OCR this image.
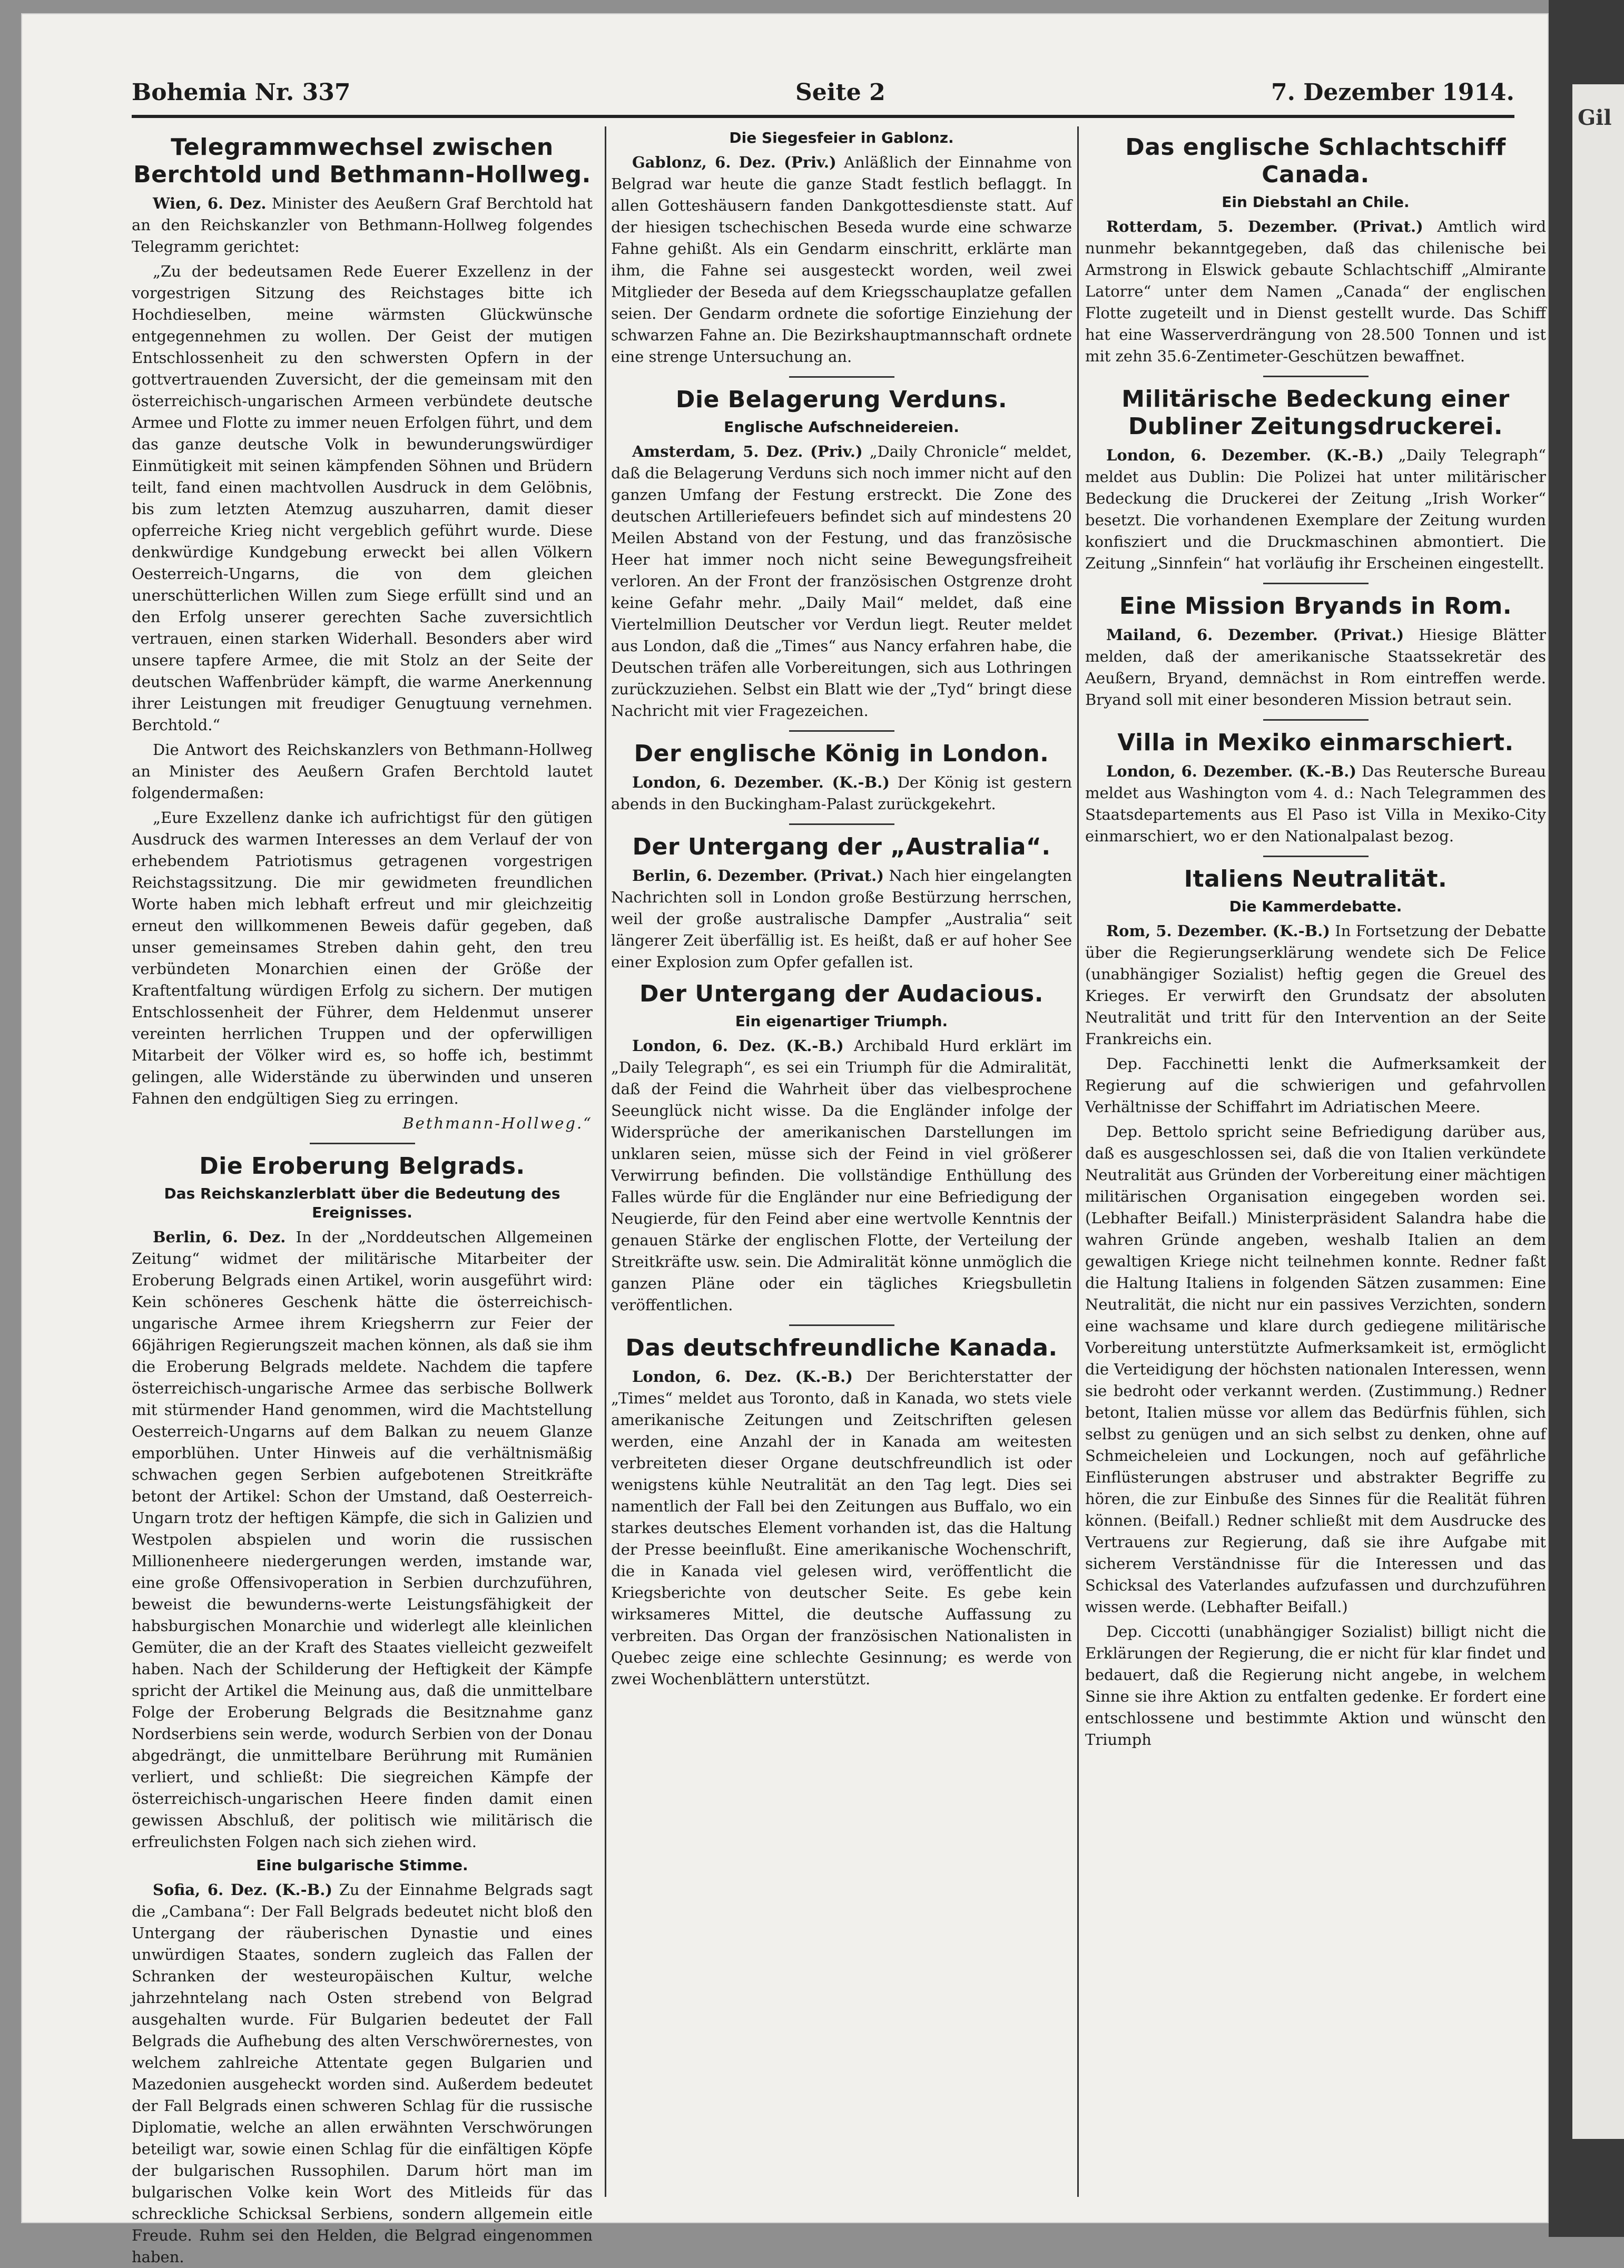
Gil
Bohemia Nr. 337	Seite 2	7. Dezember 1914.
Telegrammwechsel zwischen Berchtold und Bethmann-Hollweg.

Wien, 6. Dez. Minister des Aeußern Graf Berchtold hat an den Reichskanzler von Bethmann-Hollweg folgendes Telegramm gerichtet:

„Zu der bedeutsamen Rede Euerer Exzellenz in der vorgestrigen Sitzung des Reichstages bitte ich Hochdieselben, meine wärmsten Glückwünsche entgegennehmen zu wollen. Der Geist der mutigen Entschlossenheit zu den schwersten Opfern in der gottvertrauenden Zuversicht, der die gemeinsam mit den österreichisch-ungarischen Armeen verbündete deutsche Armee und Flotte zu immer neuen Erfolgen führt, und dem das ganze deutsche Volk in bewunderungswürdiger Einmütigkeit mit seinen kämpfenden Söhnen und Brüdern teilt, fand einen machtvollen Ausdruck in dem Gelöbnis, bis zum letzten Atemzug auszuharren, damit dieser opferreiche Krieg nicht vergeblich geführt wurde. Diese denkwürdige Kundgebung erweckt bei allen Völkern Oesterreich-Ungarns, die von dem gleichen unerschütterlichen Willen zum Siege erfüllt sind und an den Erfolg unserer gerechten Sache zuversichtlich vertrauen, einen starken Widerhall. Besonders aber wird unsere tapfere Armee, die mit Stolz an der Seite der deutschen Waffenbrüder kämpft, die warme Anerkennung ihrer Leistungen mit freudiger Genugtuung vernehmen. Berchtold.“

Die Antwort des Reichskanzlers von Bethmann-Hollweg an Minister des Aeußern Grafen Berchtold lautet folgendermaßen:

„Eure Exzellenz danke ich aufrichtigst für den gütigen Ausdruck des warmen Interesses an dem Verlauf der von erhebendem Patriotismus getragenen vorgestrigen Reichstagssitzung. Die mir gewidmeten freundlichen Worte haben mich lebhaft erfreut und mir gleichzeitig erneut den willkommenen Beweis dafür gegeben, daß unser gemeinsames Streben dahin geht, den treu verbündeten Monarchien einen der Größe der Kraftentfaltung würdigen Erfolg zu sichern. Der mutigen Entschlossenheit der Führer, dem Heldenmut unserer vereinten herrlichen Truppen und der opferwilligen Mitarbeit der Völker wird es, so hoffe ich, bestimmt gelingen, alle Widerstände zu überwinden und unseren Fahnen den endgültigen Sieg zu erringen.

Bethmann-Hollweg.“

Die Eroberung Belgrads.
Das Reichskanzlerblatt über die Bedeutung des Ereignisses.

Berlin, 6. Dez. In der „Norddeutschen Allgemeinen Zeitung“ widmet der militärische Mitarbeiter der Eroberung Belgrads einen Artikel, worin ausgeführt wird: Kein schöneres Geschenk hätte die österreichisch-ungarische Armee ihrem Kriegsherrn zur Feier der 66jährigen Regierungszeit machen können, als daß sie ihm die Eroberung Belgrads meldete. Nachdem die tapfere österreichisch-ungarische Armee das serbische Bollwerk mit stürmender Hand genommen, wird die Machtstellung Oesterreich-Ungarns auf dem Balkan zu neuem Glanze emporblühen. Unter Hinweis auf die verhältnismäßig schwachen gegen Serbien aufgebotenen Streitkräfte betont der Artikel: Schon der Umstand, daß Oesterreich-Ungarn trotz der heftigen Kämpfe, die sich in Galizien und Westpolen abspielen und worin die russischen Millionenheere niedergerungen werden, imstande war, eine große Offensivoperation in Serbien durchzuführen, beweist die bewunderns-werte Leistungsfähigkeit der habsburgischen Monarchie und widerlegt alle kleinlichen Gemüter, die an der Kraft des Staates vielleicht gezweifelt haben. Nach der Schilderung der Heftigkeit der Kämpfe spricht der Artikel die Meinung aus, daß die unmittelbare Folge der Eroberung Belgrads die Besitznahme ganz Nordserbiens sein werde, wodurch Serbien von der Donau abgedrängt, die unmittelbare Berührung mit Rumänien verliert, und schließt: Die siegreichen Kämpfe der österreichisch-ungarischen Heere finden damit einen gewissen Abschluß, der politisch wie militärisch die erfreulichsten Folgen nach sich ziehen wird.

Eine bulgarische Stimme.

Sofia, 6. Dez. (K.-B.) Zu der Einnahme Belgrads sagt die „Cambana“: Der Fall Belgrads bedeutet nicht bloß den Untergang der räuberischen Dynastie und eines unwürdigen Staates, sondern zugleich das Fallen der Schranken der westeuropäischen Kultur, welche jahrzehntelang nach Osten strebend von Belgrad ausgehalten wurde. Für Bulgarien bedeutet der Fall Belgrads die Aufhebung des alten Verschwörernestes, von welchem zahlreiche Attentate gegen Bulgarien und Mazedonien ausgeheckt worden sind. Außerdem bedeutet der Fall Belgrads einen schweren Schlag für die russische Diplomatie, welche an allen erwähnten Verschwörungen beteiligt war, sowie einen Schlag für die einfältigen Köpfe der bulgarischen Russophilen. Darum hört man im bulgarischen Volke kein Wort des Mitleids für das schreckliche Schicksal Serbiens, sondern allgemein eitle Freude. Ruhm sei den Helden, die Belgrad eingenommen haben.

Die Siegesfeier in Gablonz.

Gablonz, 6. Dez. (Priv.) Anläßlich der Einnahme von Belgrad war heute die ganze Stadt festlich beflaggt. In allen Gotteshäusern fanden Dankgottesdienste statt. Auf der hiesigen tschechischen Beseda wurde eine schwarze Fahne gehißt. Als ein Gendarm einschritt, erklärte man ihm, die Fahne sei ausgesteckt worden, weil zwei Mitglieder der Beseda auf dem Kriegsschauplatze gefallen seien. Der Gendarm ordnete die sofortige Einziehung der schwarzen Fahne an. Die Bezirkshauptmannschaft ordnete eine strenge Untersuchung an.

Die Belagerung Verduns.
Englische Aufschneidereien.

Amsterdam, 5. Dez. (Priv.) „Daily Chronicle“ meldet, daß die Belagerung Verduns sich noch immer nicht auf den ganzen Umfang der Festung erstreckt. Die Zone des deutschen Artilleriefeuers befindet sich auf mindestens 20 Meilen Abstand von der Festung, und das französische Heer hat immer noch nicht seine Bewegungsfreiheit verloren. An der Front der französischen Ostgrenze droht keine Gefahr mehr. „Daily Mail“ meldet, daß eine Viertelmillion Deutscher vor Verdun liegt. Reuter meldet aus London, daß die „Times“ aus Nancy erfahren habe, die Deutschen träfen alle Vorbereitungen, sich aus Lothringen zurückzuziehen. Selbst ein Blatt wie der „Tyd“ bringt diese Nachricht mit vier Fragezeichen.

Der englische König in London.

London, 6. Dezember. (K.-B.) Der König ist gestern abends in den Buckingham-Palast zurückgekehrt.

Der Untergang der „Australia“.

Berlin, 6. Dezember. (Privat.) Nach hier eingelangten Nachrichten soll in London große Bestürzung herrschen, weil der große australische Dampfer „Australia“ seit längerer Zeit überfällig ist. Es heißt, daß er auf hoher See einer Explosion zum Opfer gefallen ist.

Der Untergang der Audacious.
Ein eigenartiger Triumph.

London, 6. Dez. (K.-B.) Archibald Hurd erklärt im „Daily Telegraph“, es sei ein Triumph für die Admiralität, daß der Feind die Wahrheit über das vielbesprochene Seeunglück nicht wisse. Da die Engländer infolge der Widersprüche der amerikanischen Darstellungen im unklaren seien, müsse sich der Feind in viel größerer Verwirrung befinden. Die vollständige Enthüllung des Falles würde für die Engländer nur eine Befriedigung der Neugierde, für den Feind aber eine wertvolle Kenntnis der genauen Stärke der englischen Flotte, der Verteilung der Streitkräfte usw. sein. Die Admiralität könne unmöglich die ganzen Pläne oder ein tägliches Kriegsbulletin veröffentlichen.

Das deutschfreundliche Kanada.

London, 6. Dez. (K.-B.) Der Berichterstatter der „Times“ meldet aus Toronto, daß in Kanada, wo stets viele amerikanische Zeitungen und Zeitschriften gelesen werden, eine Anzahl der in Kanada am weitesten verbreiteten dieser Organe deutschfreundlich ist oder wenigstens kühle Neutralität an den Tag legt. Dies sei namentlich der Fall bei den Zeitungen aus Buffalo, wo ein starkes deutsches Element vorhanden ist, das die Haltung der Presse beeinflußt. Eine amerikanische Wochenschrift, die in Kanada viel gelesen wird, veröffentlicht die Kriegsberichte von deutscher Seite. Es gebe kein wirksameres Mittel, die deutsche Auffassung zu verbreiten. Das Organ der französischen Nationalisten in Quebec zeige eine schlechte Gesinnung; es werde von zwei Wochenblättern unterstützt.

Das englische Schlachtschiff Canada.
Ein Diebstahl an Chile.

Rotterdam, 5. Dezember. (Privat.) Amtlich wird nunmehr bekanntgegeben, daß das chilenische bei Armstrong in Elswick gebaute Schlachtschiff „Almirante Latorre“ unter dem Namen „Canada“ der englischen Flotte zugeteilt und in Dienst gestellt wurde. Das Schiff hat eine Wasserverdrängung von 28.500 Tonnen und ist mit zehn 35.6-Zentimeter-Geschützen bewaffnet.

Militärische Bedeckung einer Dubliner Zeitungsdruckerei.

London, 6. Dezember. (K.-B.) „Daily Telegraph“ meldet aus Dublin: Die Polizei hat unter militärischer Bedeckung die Druckerei der Zeitung „Irish Worker“ besetzt. Die vorhandenen Exemplare der Zeitung wurden konfisziert und die Druckmaschinen abmontiert. Die Zeitung „Sinnfein“ hat vorläufig ihr Erscheinen eingestellt.

Eine Mission Bryands in Rom.

Mailand, 6. Dezember. (Privat.) Hiesige Blätter melden, daß der amerikanische Staatssekretär des Aeußern, Bryand, demnächst in Rom eintreffen werde. Bryand soll mit einer besonderen Mission betraut sein.

Villa in Mexiko einmarschiert.

London, 6. Dezember. (K.-B.) Das Reutersche Bureau meldet aus Washington vom 4. d.: Nach Telegrammen des Staatsdepartements aus El Paso ist Villa in Mexiko-City einmarschiert, wo er den Nationalpalast bezog.

Italiens Neutralität.
Die Kammerdebatte.

Rom, 5. Dezember. (K.-B.) In Fortsetzung der Debatte über die Regierungserklärung wendete sich De Felice (unabhängiger Sozialist) heftig gegen die Greuel des Krieges. Er verwirft den Grundsatz der absoluten Neutralität und tritt für den Intervention an der Seite Frankreichs ein.

Dep. Facchinetti lenkt die Aufmerksamkeit der Regierung auf die schwierigen und gefahrvollen Verhältnisse der Schiffahrt im Adriatischen Meere.

Dep. Bettolo spricht seine Befriedigung darüber aus, daß es ausgeschlossen sei, daß die von Italien verkündete Neutralität aus Gründen der Vorbereitung einer mächtigen militärischen Organisation eingegeben worden sei. (Lebhafter Beifall.) Ministerpräsident Salandra habe die wahren Gründe angeben, weshalb Italien an dem gewaltigen Kriege nicht teilnehmen konnte. Redner faßt die Haltung Italiens in folgenden Sätzen zusammen: Eine Neutralität, die nicht nur ein passives Verzichten, sondern eine wachsame und klare durch gediegene militärische Vorbereitung unterstützte Aufmerksamkeit ist, ermöglicht die Verteidigung der höchsten nationalen Interessen, wenn sie bedroht oder verkannt werden. (Zustimmung.) Redner betont, Italien müsse vor allem das Bedürfnis fühlen, sich selbst zu genügen und an sich selbst zu denken, ohne auf Schmeicheleien und Lockungen, noch auf gefährliche Einflüsterungen abstruser und abstrakter Begriffe zu hören, die zur Einbuße des Sinnes für die Realität führen können. (Beifall.) Redner schließt mit dem Ausdrucke des Vertrauens zur Regierung, daß sie ihre Aufgabe mit sicherem Verständnisse für die Interessen und das Schicksal des Vaterlandes aufzufassen und durchzuführen wissen werde. (Lebhafter Beifall.)

Dep. Ciccotti (unabhängiger Sozialist) billigt nicht die Erklärungen der Regierung, die er nicht für klar findet und bedauert, daß die Regierung nicht angebe, in welchem Sinne sie ihre Aktion zu entfalten gedenke. Er fordert eine entschlossene und bestimmte Aktion und wünscht den Triumph
